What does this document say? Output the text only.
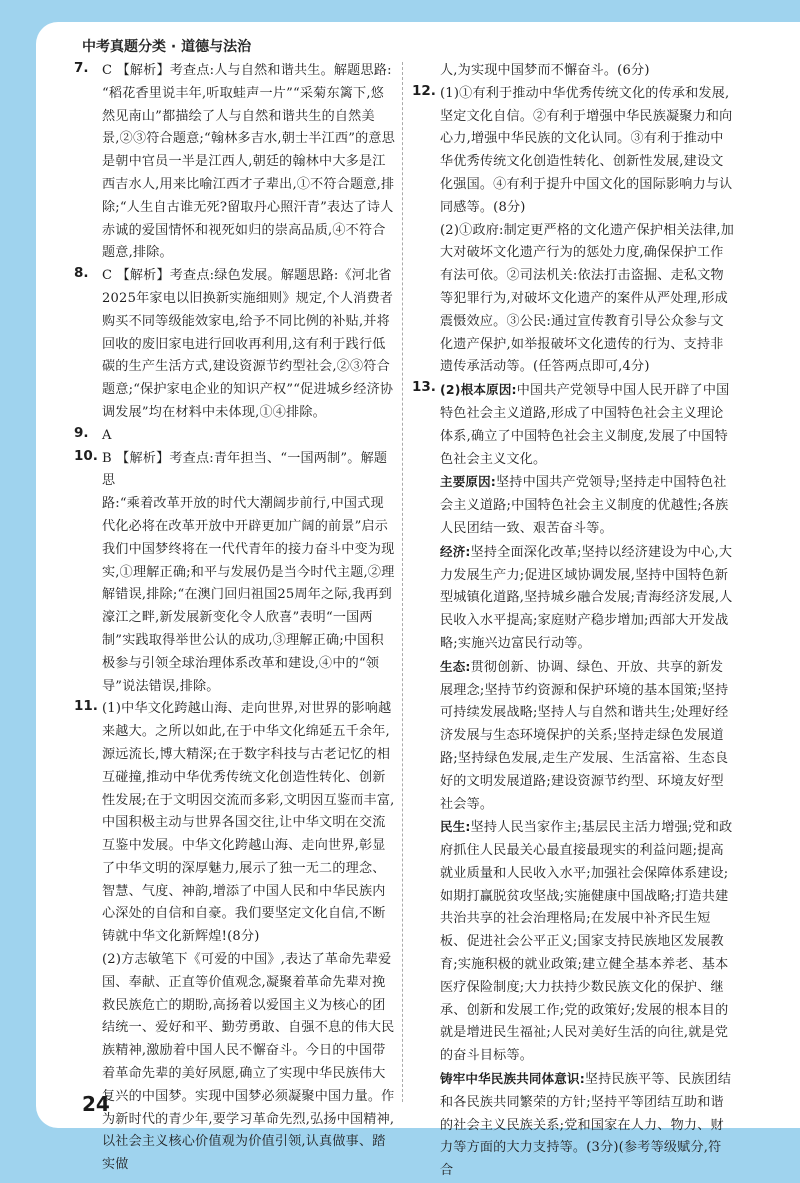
中考真题分类 · 道德与法治
7. C 【解析】考查点:人与自然和谐共生。解题思路:

“稻花香里说丰年,听取蛙声一片”“采菊东篱下,悠然见南山”都描绘了人与自然和谐共生的自然美景,②③符合题意;“翰林多吉水,朝士半江西”的意思是朝中官员一半是江西人,朝廷的翰林中大多是江西吉水人,用来比喻江西才子辈出,①不符合题意,排除;“人生自古谁无死?留取丹心照汗青”表达了诗人赤诚的爱国情怀和视死如归的崇高品质,④不符合题意,排除。

8. C 【解析】考查点:绿色发展。解题思路:《河北省

2025年家电以旧换新实施细则》规定,个人消费者购买不同等级能效家电,给予不同比例的补贴,并将回收的废旧家电进行回收再利用,这有利于践行低碳的生产生活方式,建设资源节约型社会,②③符合题意;“保护家电企业的知识产权”“促进城乡经济协调发展”均在材料中未体现,①④排除。

9. A

10. B 【解析】考查点:青年担当、“一国两制”。解题思

路:“乘着改革开放的时代大潮阔步前行,中国式现代化必将在改革开放中开辟更加广阔的前景”启示我们中国梦终将在一代代青年的接力奋斗中变为现实,①理解正确;和平与发展仍是当今时代主题,②理解错误,排除;“在澳门回归祖国25周年之际,我再到濠江之畔,新发展新变化令人欣喜”表明“一国两制”实践取得举世公认的成功,③理解正确;中国积极参与引领全球治理体系改革和建设,④中的“领导”说法错误,排除。

11. (1)中华文化跨越山海、走向世界,对世界的影响越来越大。之所以如此,在于中华文化绵延五千余年,源远流长,博大精深;在于数字科技与古老记忆的相互碰撞,推动中华优秀传统文化创造性转化、创新性发展;在于文明因交流而多彩,文明因互鉴而丰富,中国积极主动与世界各国交往,让中华文明在交流互鉴中发展。中华文化跨越山海、走向世界,彰显了中华文明的深厚魅力,展示了独一无二的理念、智慧、气度、神韵,增添了中国人民和中华民族内心深处的自信和自豪。我们要坚定文化自信,不断铸就中华文化新辉煌!(8分)

(2)方志敏笔下《可爱的中国》,表达了革命先辈爱国、奉献、正直等价值观念,凝聚着革命先辈对挽救民族危亡的期盼,高扬着以爱国主义为核心的团结统一、爱好和平、勤劳勇敢、自强不息的伟大民族精神,激励着中国人民不懈奋斗。今日的中国带着革命先辈的美好夙愿,确立了实现中华民族伟大复兴的中国梦。实现中国梦必须凝聚中国力量。作为新时代的青少年,要学习革命先烈,弘扬中国精神,以社会主义核心价值观为价值引领,认真做事、踏实做

人,为实现中国梦而不懈奋斗。(6分)

12. (1)①有利于推动中华优秀传统文化的传承和发展,坚定文化自信。②有利于增强中华民族凝聚力和向心力,增强中华民族的文化认同。③有利于推动中华优秀传统文化创造性转化、创新性发展,建设文化强国。④有利于提升中国文化的国际影响力与认同感等。(8分)

(2)①政府:制定更严格的文化遗产保护相关法律,加大对破坏文化遗产行为的惩处力度,确保保护工作有法可依。②司法机关:依法打击盗掘、走私文物等犯罪行为,对破坏文化遗产的案件从严处理,形成震慑效应。③公民:通过宣传教育引导公众参与文化遗产保护,如举报破坏文化遗传的行为、支持非遗传承活动等。(任答两点即可,4分)

13. (2)根本原因:中国共产党领导中国人民开辟了中国特色社会主义道路,形成了中国特色社会主义理论体系,确立了中国特色社会主义制度,发展了中国特色社会主义文化。

主要原因:坚持中国共产党领导;坚持走中国特色社会主义道路;中国特色社会主义制度的优越性;各族人民团结一致、艰苦奋斗等。

经济:坚持全面深化改革;坚持以经济建设为中心,大力发展生产力;促进区域协调发展,坚持中国特色新型城镇化道路,坚持城乡融合发展;青海经济发展,人民收入水平提高;家庭财产稳步增加;西部大开发战略;实施兴边富民行动等。

生态:贯彻创新、协调、绿色、开放、共享的新发展理念;坚持节约资源和保护环境的基本国策;坚持可持续发展战略;坚持人与自然和谐共生;处理好经济发展与生态环境保护的关系;坚持走绿色发展道路;坚持绿色发展,走生产发展、生活富裕、生态良好的文明发展道路;建设资源节约型、环境友好型社会等。

民生:坚持人民当家作主;基层民主活力增强;党和政府抓住人民最关心最直接最现实的利益问题;提高就业质量和人民收入水平;加强社会保障体系建设;如期打赢脱贫攻坚战;实施健康中国战略;打造共建共治共享的社会治理格局;在发展中补齐民生短板、促进社会公平正义;国家支持民族地区发展教育;实施积极的就业政策;建立健全基本养老、基本医疗保险制度;大力扶持少数民族文化的保护、继承、创新和发展工作;党的政策好;发展的根本目的就是增进民生福祉;人民对美好生活的向往,就是党的奋斗目标等。

铸牢中华民族共同体意识:坚持民族平等、民族团结和各民族共同繁荣的方针;坚持平等团结互助和谐的社会主义民族关系;党和国家在人力、物力、财力等方面的大力支持等。(3分)(参考等级赋分,符合

24
